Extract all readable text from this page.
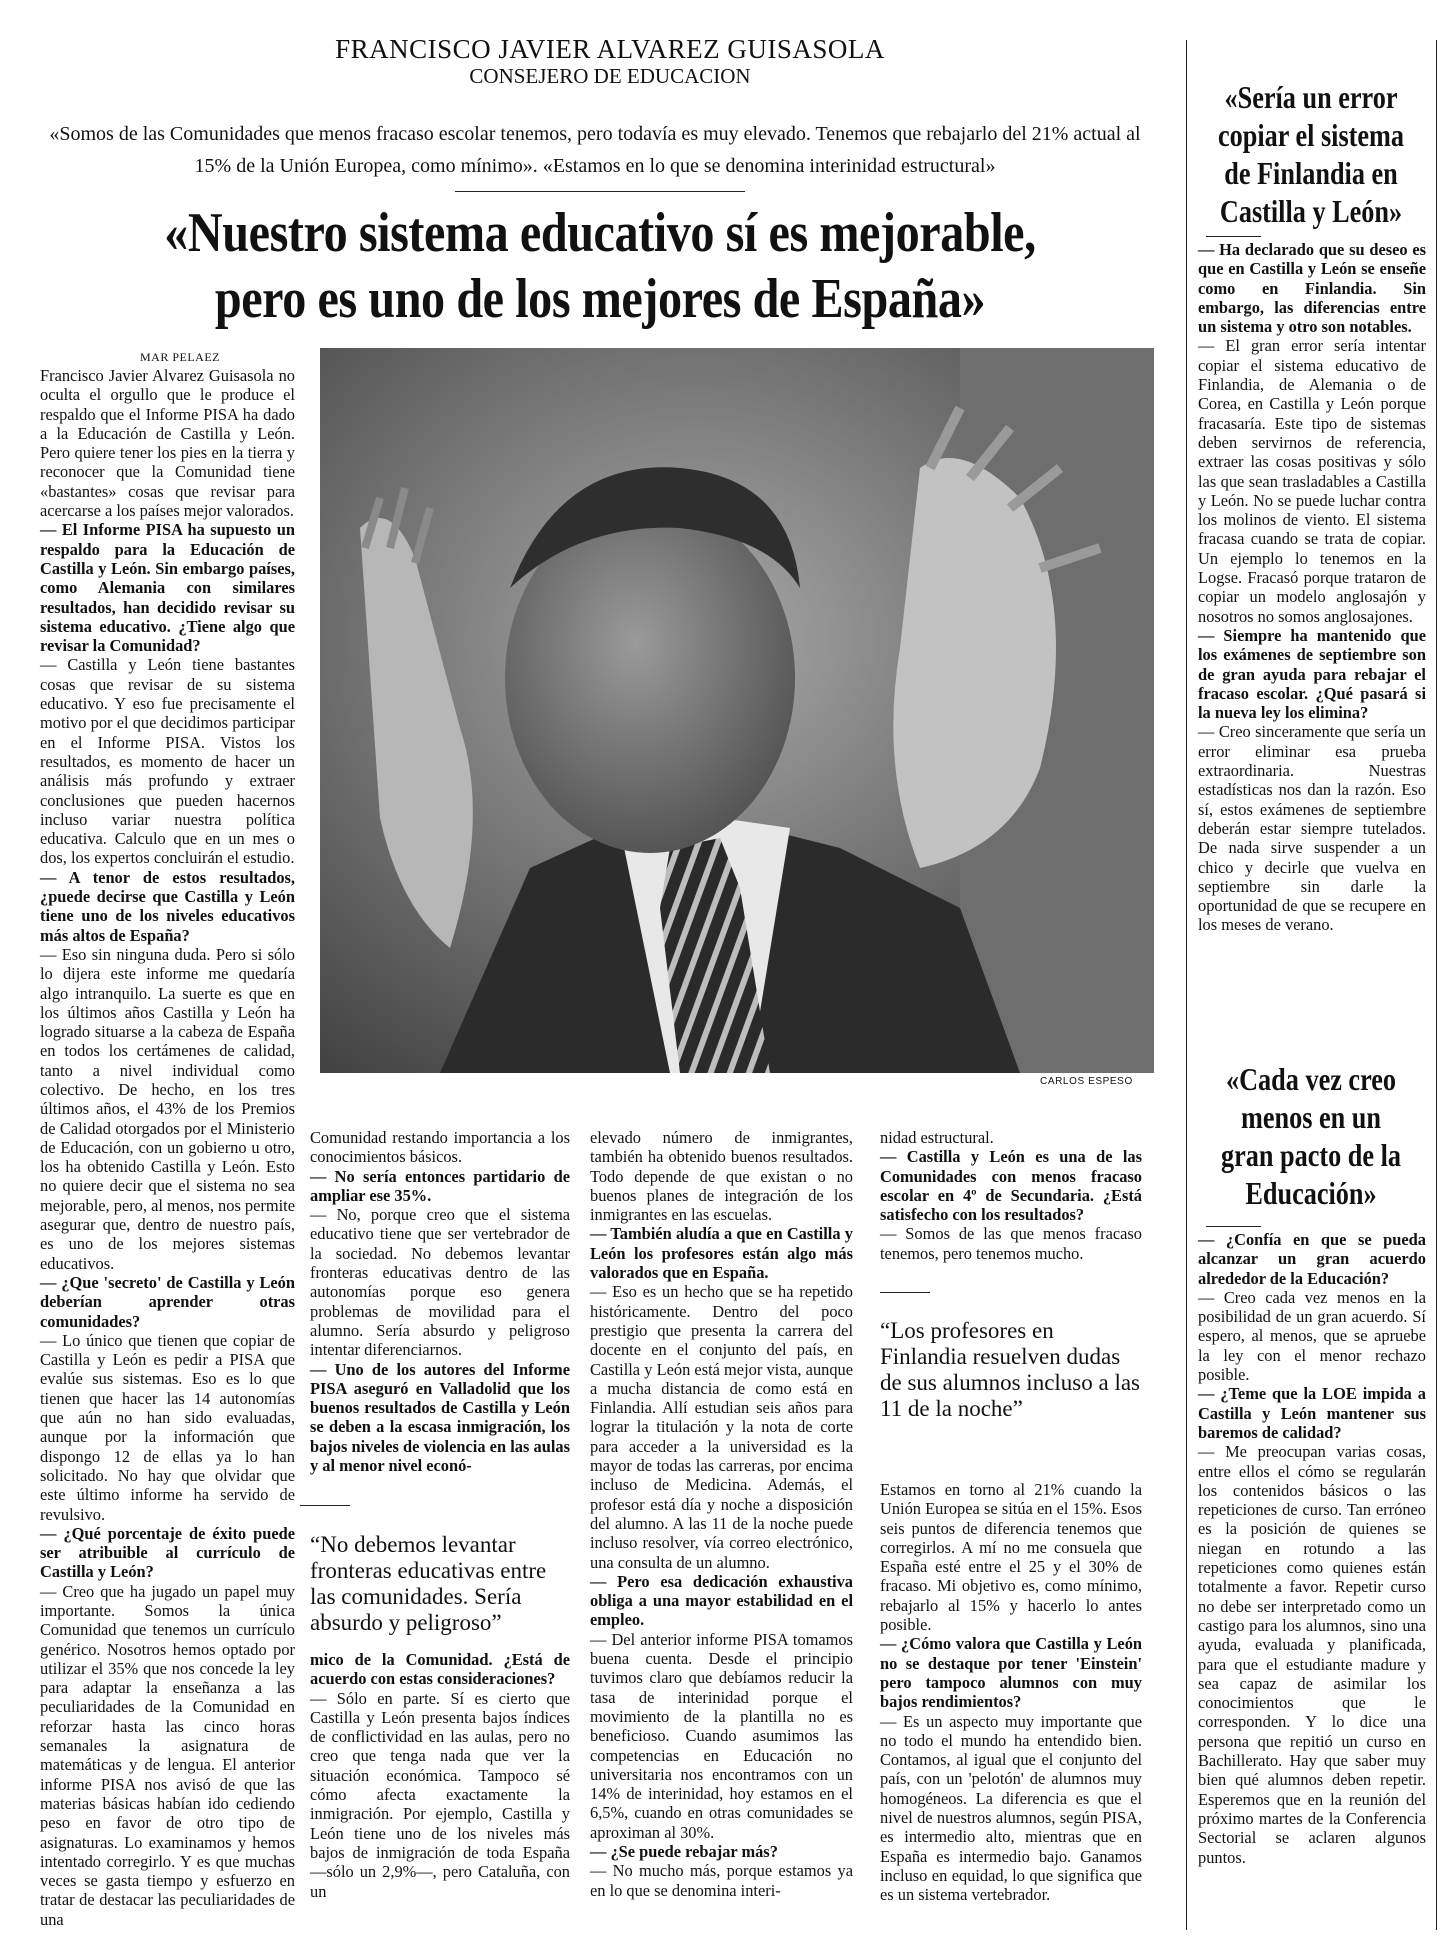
FRANCISCO JAVIER ALVAREZ GUISASOLA
CONSEJERO DE EDUCACION
«Somos de las Comunidades que menos fracaso escolar tenemos, pero todavía es muy elevado. Tenemos que rebajarlo del 21% actual al 15% de la Unión Europea, como mínimo». «Estamos en lo que se denomina interinidad estructural»
«Nuestro sistema educativo sí es mejorable,
pero es uno de los mejores de España»
MAR PELAEZ

Francisco Javier Alvarez Guisasola no oculta el orgullo que le produce el respaldo que el Informe PISA ha dado a la Educación de Castilla y León. Pero quiere tener los pies en la tierra y reconocer que la Comunidad tiene «bastantes» cosas que revisar para acercarse a los países mejor valorados.

— El Informe PISA ha supuesto un respaldo para la Educación de Castilla y León. Sin embargo países, como Alemania con similares resultados, han decidido revisar su sistema educativo. ¿Tiene algo que revisar la Comunidad?

— Castilla y León tiene bastantes cosas que revisar de su sistema educativo. Y eso fue precisamente el motivo por el que decidimos participar en el Informe PISA. Vistos los resultados, es momento de hacer un análisis más profundo y extraer conclusiones que pueden hacernos incluso variar nuestra política educativa. Calculo que en un mes o dos, los expertos concluirán el estudio.

— A tenor de estos resultados, ¿puede decirse que Castilla y León tiene uno de los niveles educativos más altos de España?

— Eso sin ninguna duda. Pero si sólo lo dijera este informe me quedaría algo intranquilo. La suerte es que en los últimos años Castilla y León ha logrado situarse a la cabeza de España en todos los certámenes de calidad, tanto a nivel individual como colectivo. De hecho, en los tres últimos años, el 43% de los Premios de Calidad otorgados por el Ministerio de Educación, con un gobierno u otro, los ha obtenido Castilla y León. Esto no quiere decir que el sistema no sea mejorable, pero, al menos, nos permite asegurar que, dentro de nuestro país, es uno de los mejores sistemas educativos.

— ¿Que 'secreto' de Castilla y León deberían aprender otras comunidades?

— Lo único que tienen que copiar de Castilla y León es pedir a PISA que evalúe sus sistemas. Eso es lo que tienen que hacer las 14 autonomías que aún no han sido evaluadas, aunque por la información que dispongo 12 de ellas ya lo han solicitado. No hay que olvidar que este último informe ha servido de revulsivo.

— ¿Qué porcentaje de éxito puede ser atribuible al currículo de Castilla y León?

— Creo que ha jugado un papel muy importante. Somos la única Comunidad que tenemos un currículo genérico. Nosotros hemos optado por utilizar el 35% que nos concede la ley para adaptar la enseñanza a las peculiaridades de la Comunidad en reforzar hasta las cinco horas semanales la asignatura de matemáticas y de lengua. El anterior informe PISA nos avisó de que las materias básicas habían ido cediendo peso en favor de otro tipo de asignaturas. Lo examinamos y hemos intentado corregirlo. Y es que muchas veces se gasta tiempo y esfuerzo en tratar de destacar las peculiaridades de una

CARLOS ESPESO

Comunidad restando importancia a los conocimientos básicos.

— No sería entonces partidario de ampliar ese 35%.

— No, porque creo que el sistema educativo tiene que ser vertebrador de la sociedad. No debemos levantar fronteras educativas dentro de las autonomías porque eso genera problemas de movilidad para el alumno. Sería absurdo y peligroso intentar diferenciarnos.

— Uno de los autores del Informe PISA aseguró en Valladolid que los buenos resultados de Castilla y León se deben a la escasa inmigración, los bajos niveles de violencia en las aulas y al menor nivel econó-

“No debemos levantar fronteras educativas entre las comunidades. Sería absurdo y peligroso”

mico de la Comunidad. ¿Está de acuerdo con estas consideraciones?

— Sólo en parte. Sí es cierto que Castilla y León presenta bajos índices de conflictividad en las aulas, pero no creo que tenga nada que ver la situación económica. Tampoco sé cómo afecta exactamente la inmigración. Por ejemplo, Castilla y León tiene uno de los niveles más bajos de inmigración de toda España —sólo un 2,9%—, pero Cataluña, con un

elevado número de inmigrantes, también ha obtenido buenos resultados. Todo depende de que existan o no buenos planes de integración de los inmigrantes en las escuelas.

— También aludía a que en Castilla y León los profesores están algo más valorados que en España.

— Eso es un hecho que se ha repetido históricamente. Dentro del poco prestigio que presenta la carrera del docente en el conjunto del país, en Castilla y León está mejor vista, aunque a mucha distancia de como está en Finlandia. Allí estudian seis años para lograr la titulación y la nota de corte para acceder a la universidad es la mayor de todas las carreras, por encima incluso de Medicina. Además, el profesor está día y noche a disposición del alumno. A las 11 de la noche puede incluso resolver, vía correo electrónico, una consulta de un alumno.

— Pero esa dedicación exhaustiva obliga a una mayor estabilidad en el empleo.

— Del anterior informe PISA tomamos buena cuenta. Desde el principio tuvimos claro que debíamos reducir la tasa de interinidad porque el movimiento de la plantilla no es beneficioso. Cuando asumimos las competencias en Educación no universitaria nos encontramos con un 14% de interinidad, hoy estamos en el 6,5%, cuando en otras comunidades se aproximan al 30%.

— ¿Se puede rebajar más?

— No mucho más, porque estamos ya en lo que se denomina interi-

nidad estructural.

— Castilla y León es una de las Comunidades con menos fracaso escolar en 4º de Secundaria. ¿Está satisfecho con los resultados?

— Somos de las que menos fracaso tenemos, pero tenemos mucho.

“Los profesores en Finlandia resuelven dudas de sus alumnos incluso a las 11 de la noche”

Estamos en torno al 21% cuando la Unión Europea se sitúa en el 15%. Esos seis puntos de diferencia tenemos que corregirlos. A mí no me consuela que España esté entre el 25 y el 30% de fracaso. Mi objetivo es, como mínimo, rebajarlo al 15% y hacerlo lo antes posible.

— ¿Cómo valora que Castilla y León no se destaque por tener 'Einstein' pero tampoco alumnos con muy bajos rendimientos?

— Es un aspecto muy importante que no todo el mundo ha entendido bien. Contamos, al igual que el conjunto del país, con un 'pelotón' de alumnos muy homogéneos. La diferencia es que el nivel de nuestros alumnos, según PISA, es intermedio alto, mientras que en España es intermedio bajo. Ganamos incluso en equidad, lo que significa que es un sistema vertebrador.

«Sería un error copiar el sistema de Finlandia en Castilla y León»

— Ha declarado que su deseo es que en Castilla y León se enseñe como en Finlandia. Sin embargo, las diferencias entre un sistema y otro son notables.

— El gran error sería intentar copiar el sistema educativo de Finlandia, de Alemania o de Corea, en Castilla y León porque fracasaría. Este tipo de sistemas deben servirnos de referencia, extraer las cosas positivas y sólo las que sean trasladables a Castilla y León. No se puede luchar contra los molinos de viento. El sistema fracasa cuando se trata de copiar. Un ejemplo lo tenemos en la Logse. Fracasó porque trataron de copiar un modelo anglosajón y nosotros no somos anglosajones.

— Siempre ha mantenido que los exámenes de septiembre son de gran ayuda para rebajar el fracaso escolar. ¿Qué pasará si la nueva ley los elimina?

— Creo sinceramente que sería un error eliminar esa prueba extraordinaria. Nuestras estadísticas nos dan la razón. Eso sí, estos exámenes de septiembre deberán estar siempre tutelados. De nada sirve suspender a un chico y decirle que vuelva en septiembre sin darle la oportunidad de que se recupere en los meses de verano.

«Cada vez creo menos en un gran pacto de la Educación»

— ¿Confía en que se pueda alcanzar un gran acuerdo alrededor de la Educación?

— Creo cada vez menos en la posibilidad de un gran acuerdo. Sí espero, al menos, que se apruebe la ley con el menor rechazo posible.

— ¿Teme que la LOE impida a Castilla y León mantener sus baremos de calidad?

— Me preocupan varias cosas, entre ellos el cómo se regularán los contenidos básicos o las repeticiones de curso. Tan erróneo es la posición de quienes se niegan en rotundo a las repeticiones como quienes están totalmente a favor. Repetir curso no debe ser interpretado como un castigo para los alumnos, sino una ayuda, evaluada y planificada, para que el estudiante madure y sea capaz de asimilar los conocimientos que le corresponden. Y lo dice una persona que repitió un curso en Bachillerato. Hay que saber muy bien qué alumnos deben repetir. Esperemos que en la reunión del próximo martes de la Conferencia Sectorial se aclaren algunos puntos.
